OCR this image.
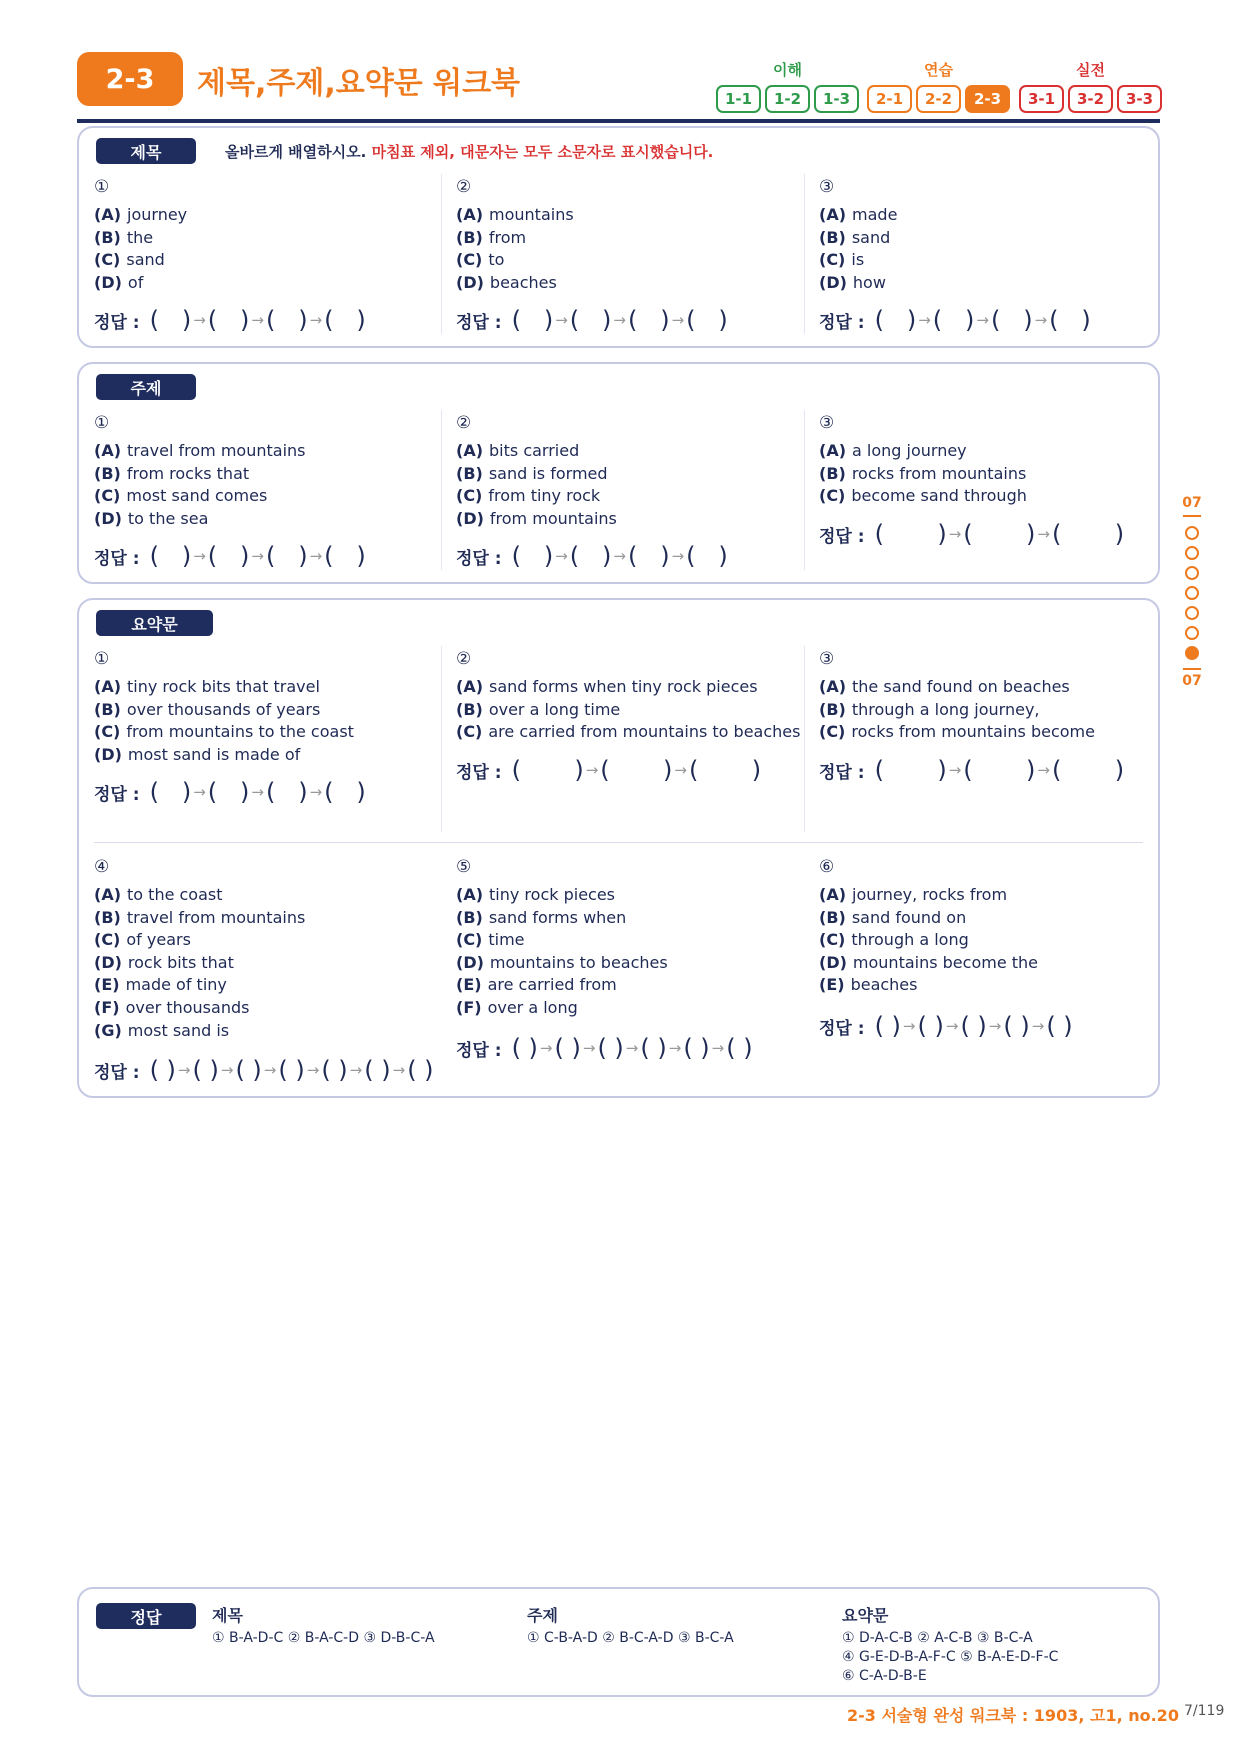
2-3	제목,주제,요약문 워크북	이해	연습	실전
1-1	1-2	1-3	2-1	2-2	2-3	3-1	3-2	3-3
제목	올바르게 배열하시오. 마침표 제외, 대문자는 모두 소문자로 표시했습니다.
①
(A) journey
(B) the
(C) sand
(D) of
정답 : (   ) → (   ) → (   ) → (   )
②
(A) mountains
(B) from
(C) to
(D) beaches
정답 : (   ) → (   ) → (   ) → (   )
③
(A) made
(B) sand
(C) is
(D) how
정답 : (   ) → (   ) → (   ) → (   )
주제
①
(A) travel from mountains
(B) from rocks that
(C) most sand comes
(D) to the sea
정답 : (   ) → (   ) → (   ) → (   )
②
(A) bits carried
(B) sand is formed
(C) from tiny rock
(D) from mountains
정답 : (   ) → (   ) → (   ) → (   )
③
(A) a long journey
(B) rocks from mountains
(C) become sand through
정답 : (       ) → (       ) → (       )
요약문
①
(A) tiny rock bits that travel
(B) over thousands of years
(C) from mountains to the coast
(D) most sand is made of
정답 : (   ) → (   ) → (   ) → (   )
②
(A) sand forms when tiny rock pieces
(B) over a long time
(C) are carried from mountains to beaches
정답 : (       ) → (       ) → (       )
③
(A) the sand found on beaches
(B) through a long journey,
(C) rocks from mountains become
정답 : (       ) → (       ) → (       )
④
(A) to the coast
(B) travel from mountains
(C) of years
(D) rock bits that
(E) made of tiny
(F) over thousands
(G) most sand is
정답 : ( ) → ( ) → ( ) → ( ) → ( ) → ( ) → ( )
⑤
(A) tiny rock pieces
(B) sand forms when
(C) time
(D) mountains to beaches
(E) are carried from
(F) over a long
정답 : ( ) → ( ) → ( ) → ( ) → ( ) → ( )
⑥
(A) journey, rocks from
(B) sand found on
(C) through a long
(D) mountains become the
(E) beaches
정답 : ( ) → ( ) → ( ) → ( ) → ( )
07
07
정답	제목
① B-A-D-C ② B-A-C-D ③ D-B-C-A
주제
① C-B-A-D ② B-C-A-D ③ B-C-A
요약문
① D-A-C-B ② A-C-B ③ B-C-A
④ G-E-D-B-A-F-C ⑤ B-A-E-D-F-C
⑥ C-A-D-B-E
2-3 서술형 완성 워크북 : 1903, 고1, no.20 7/119
